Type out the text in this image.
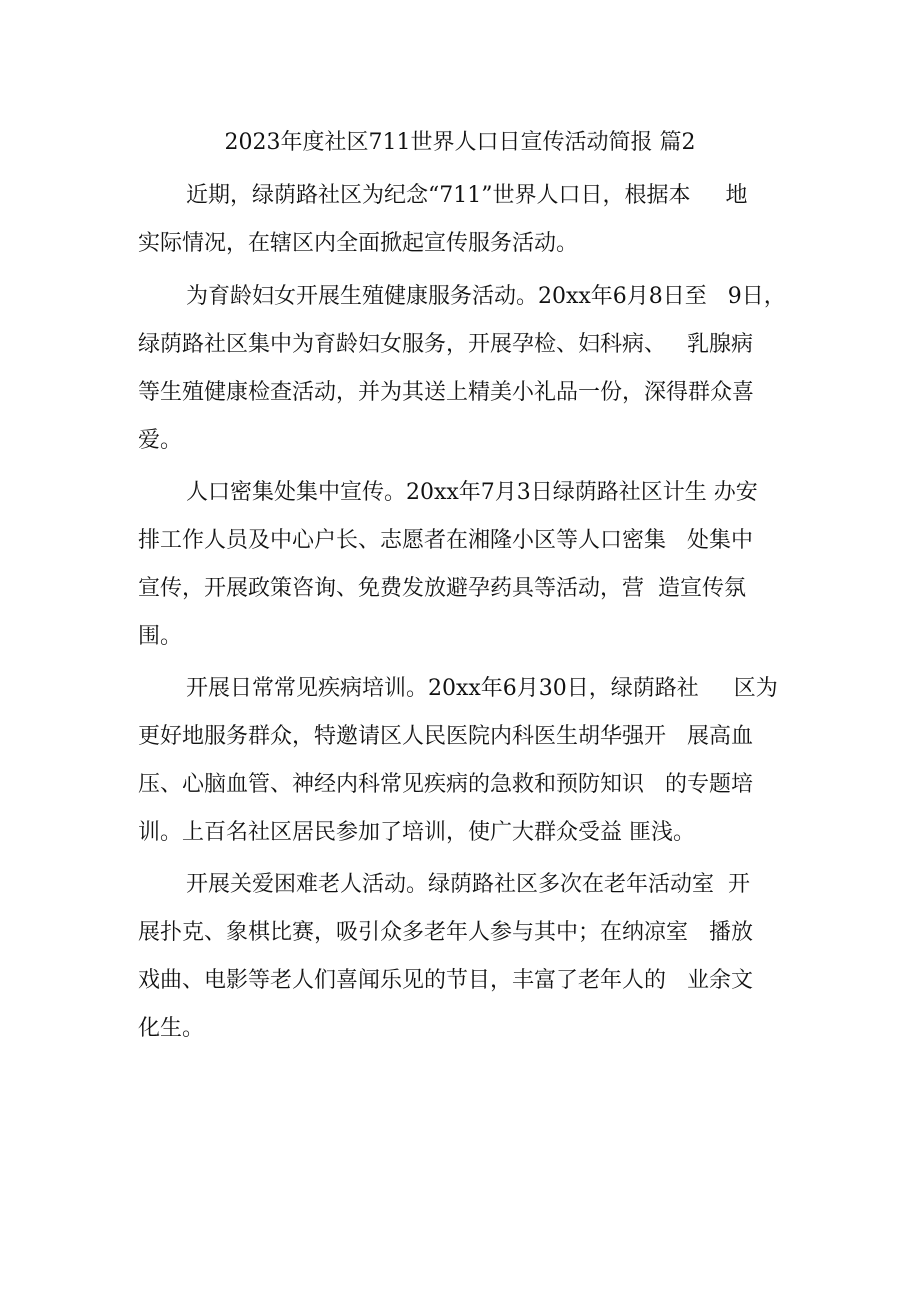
2023年度社区711世界人口日宣传活动简报 篇2
近期，绿荫路社区为纪念“711”世界人口日，根据本     地
实际情况，在辖区内全面掀起宣传服务活动。
为育龄妇女开展生殖健康服务活动。20xx年6月8日至   9日，
绿荫路社区集中为育龄妇女服务，开展孕检、妇科病、   乳腺病
等生殖健康检查活动，并为其送上精美小礼品一份，深得群众喜
爱。
人口密集处集中宣传。20xx年7月3日绿荫路社区计生 办安
排工作人员及中心户长、志愿者在湘隆小区等人口密集   处集中
宣传，开展政策咨询、免费发放避孕药具等活动，营  造宣传氛
围。
开展日常常见疾病培训。20xx年6月30日，绿荫路社     区为
更好地服务群众，特邀请区人民医院内科医生胡华强开   展高血
压、心脑血管、神经内科常见疾病的急救和预防知识   的专题培
训。上百名社区居民参加了培训，使广大群众受益 匪浅。
开展关爱困难老人活动。绿荫路社区多次在老年活动室  开
展扑克、象棋比赛，吸引众多老年人参与其中；在纳凉室   播放
戏曲、电影等老人们喜闻乐见的节目，丰富了老年人的   业余文
化生。
